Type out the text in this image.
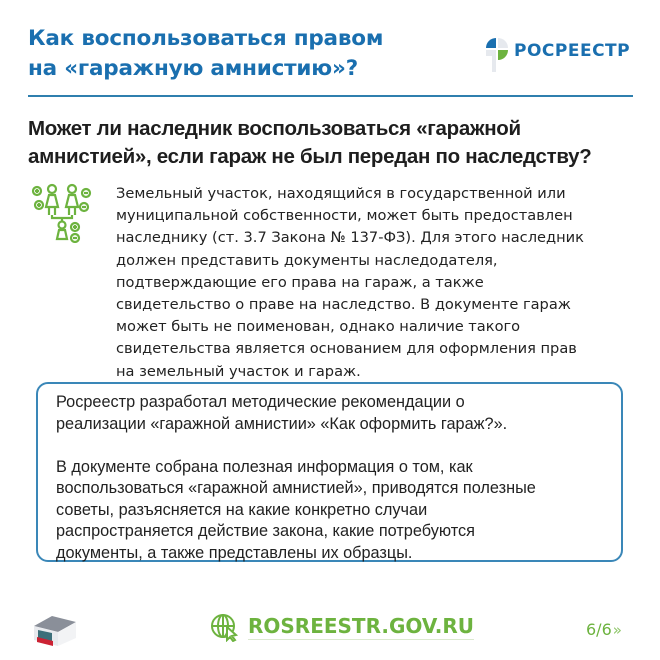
Как воспользоваться правом
на «гаражную амнистию»?
РОСРЕЕСТР
Может ли наследник воспользоваться «гаражной
амнистией», если гараж не был передан по наследству?
Земельный участок, находящийся в государственной или
муниципальной собственности, может быть предоставлен
наследнику (ст. 3.7 Закона № 137-ФЗ). Для этого наследник
должен представить документы наследодателя,
подтверждающие его права на гараж, а также
свидетельство о праве на наследство. В документе гараж
может быть не поименован, однако наличие такого
свидетельства является основанием для оформления прав
на земельный участок и гараж.
Росреестр разработал методические рекомендации о
реализации «гаражной амнистии» «Как оформить гараж?».
В документе собрана полезная информация о том, как
воспользоваться «гаражной амнистией», приводятся полезные
советы, разъясняется на какие конкретно случаи
распространяется действие закона, какие потребуются
документы, а также представлены их образцы.
ROSREESTR.GOV.RU	6/6»
